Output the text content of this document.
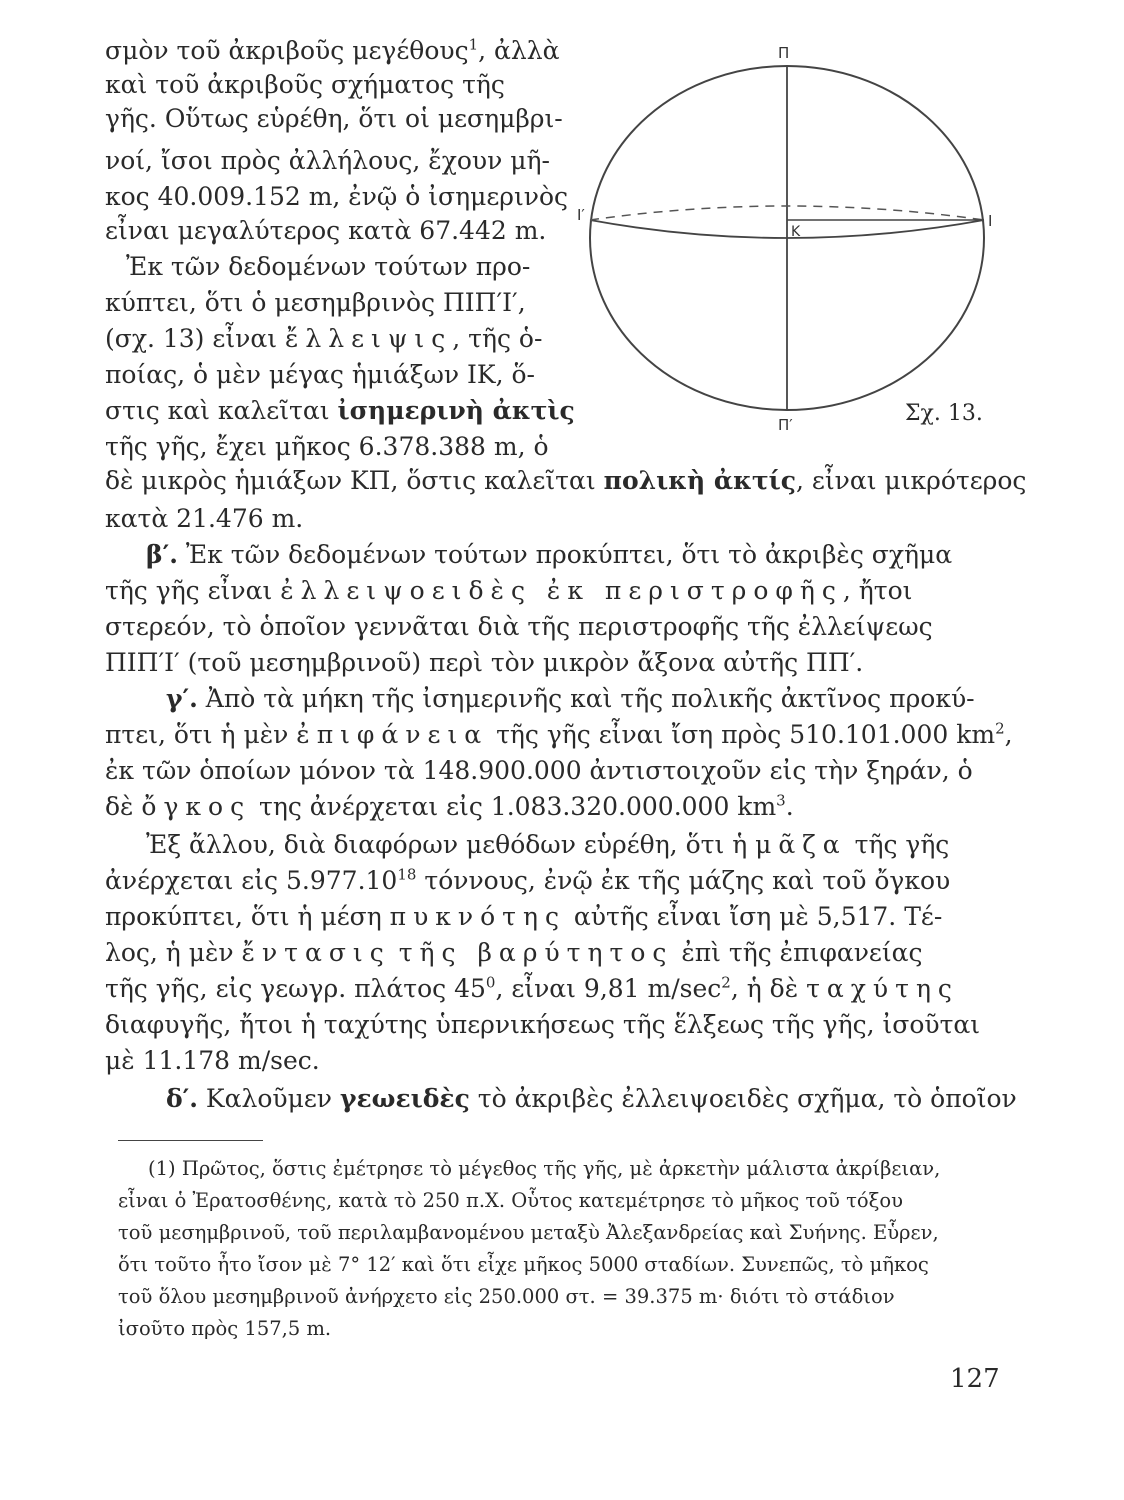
Π
Π′
Ι′	Ι
Κ
Σχ. 13.
σμὸν τοῦ ἀκριβοῦς μεγέθους$^1$, ἀλλὰ
καὶ τοῦ ἀκριβοῦς σχήματος τῆς
γῆς. Οὕτως εὑρέθη, ὅτι οἱ μεσημβρι-
νοί, ἴσοι πρὸς ἀλλήλους, ἔχουν μῆ-
κος 40.009.152 m, ἐνῷ ὁ ἰσημερινὸς
εἶναι μεγαλύτερος κατὰ 67.442 m.
Ἐκ τῶν δεδομένων τούτων προ-
κύπτει, ὅτι ὁ μεσημβρινὸς ΠΙΠ′Ι′,
(σχ. 13) εἶναι ἔλλειψις, τῆς ὁ-
ποίας, ὁ μὲν μέγας ἡμιάξων ΙΚ, ὅ-
στις καὶ καλεῖται ἰσημερινὴ ἀκτὶς
τῆς γῆς, ἔχει μῆκος 6.378.388 m, ὁ
δὲ μικρὸς ἡμιάξων ΚΠ, ὅστις καλεῖται πολικὴ ἀκτίς, εἶναι μικρότερος
κατὰ 21.476 m.
β′. Ἐκ τῶν δεδομένων τούτων προκύπτει, ὅτι τὸ ἀκριβὲς σχῆμα
τῆς γῆς εἶναι ἐλλειψοειδὲς ἐκ περιστροφῆς, ἤτοι
στερεόν, τὸ ὁποῖον γεννᾶται διὰ τῆς περιστροφῆς τῆς ἐλλείψεως
ΠΙΠ′Ι′ (τοῦ μεσημβρινοῦ) περὶ τὸν μικρὸν ἄξονα αὐτῆς ΠΠ′.
γ′. Ἀπὸ τὰ μήκη τῆς ἰσημερινῆς καὶ τῆς πολικῆς ἀκτῖνος προκύ-
πτει, ὅτι ἡ μὲν ἐπιφάνεια τῆς γῆς εἶναι ἴση πρὸς 510.101.000 $km^2$,
ἐκ τῶν ὁποίων μόνον τὰ 148.900.000 ἀντιστοιχοῦν εἰς τὴν ξηράν, ὁ
δὲ ὄγκος της ἀνέρχεται εἰς 1.083.320.000.000 $km^3$.
Ἐξ ἄλλου, διὰ διαφόρων μεθόδων εὑρέθη, ὅτι ἡ μᾶζα τῆς γῆς
ἀνέρχεται εἰς 5.977.10$^{18}$ τόννους, ἐνῷ ἐκ τῆς μάζης καὶ τοῦ ὄγκου
προκύπτει, ὅτι ἡ μέση πυκνότης αὐτῆς εἶναι ἴση μὲ 5,517. Τέ-
λος, ἡ μὲν ἔντασις τῆς βαρύτητος ἐπὶ τῆς ἐπιφανείας
τῆς γῆς, εἰς γεωγρ. πλάτος $45^0$, εἶναι 9,81 $m/\sec^2$, ἡ δὲ ταχύτης
διαφυγῆς, ἤτοι ἡ ταχύτης ὑπερνικήσεως τῆς ἕλξεως τῆς γῆς, ἰσοῦται
μὲ 11.178 m/sec.
δ′. Καλοῦμεν γεωειδὲς τὸ ἀκριβὲς ἐλλειψοειδὲς σχῆμα, τὸ ὁποῖον
(1) Πρῶτος, ὅστις ἐμέτρησε τὸ μέγεθος τῆς γῆς, μὲ ἀρκετὴν μάλιστα ἀκρίβειαν,
εἶναι ὁ Ἐρατοσθένης, κατὰ τὸ 250 π.Χ. Οὗτος κατεμέτρησε τὸ μῆκος τοῦ τόξου
τοῦ μεσημβρινοῦ, τοῦ περιλαμβανομένου μεταξὺ Ἀλεξανδρείας καὶ Συήνης. Εὗρεν,
ὅτι τοῦτο ἦτο ἴσον μὲ 7° 12′ καὶ ὅτι εἶχε μῆκος 5000 σταδίων. Συνεπῶς, τὸ μῆκος
τοῦ ὅλου μεσημβρινοῦ ἀνήρχετο εἰς 250.000 στ. = 39.375 m· διότι τὸ στάδιον
ἰσοῦτο πρὸς 157,5 m.
127
